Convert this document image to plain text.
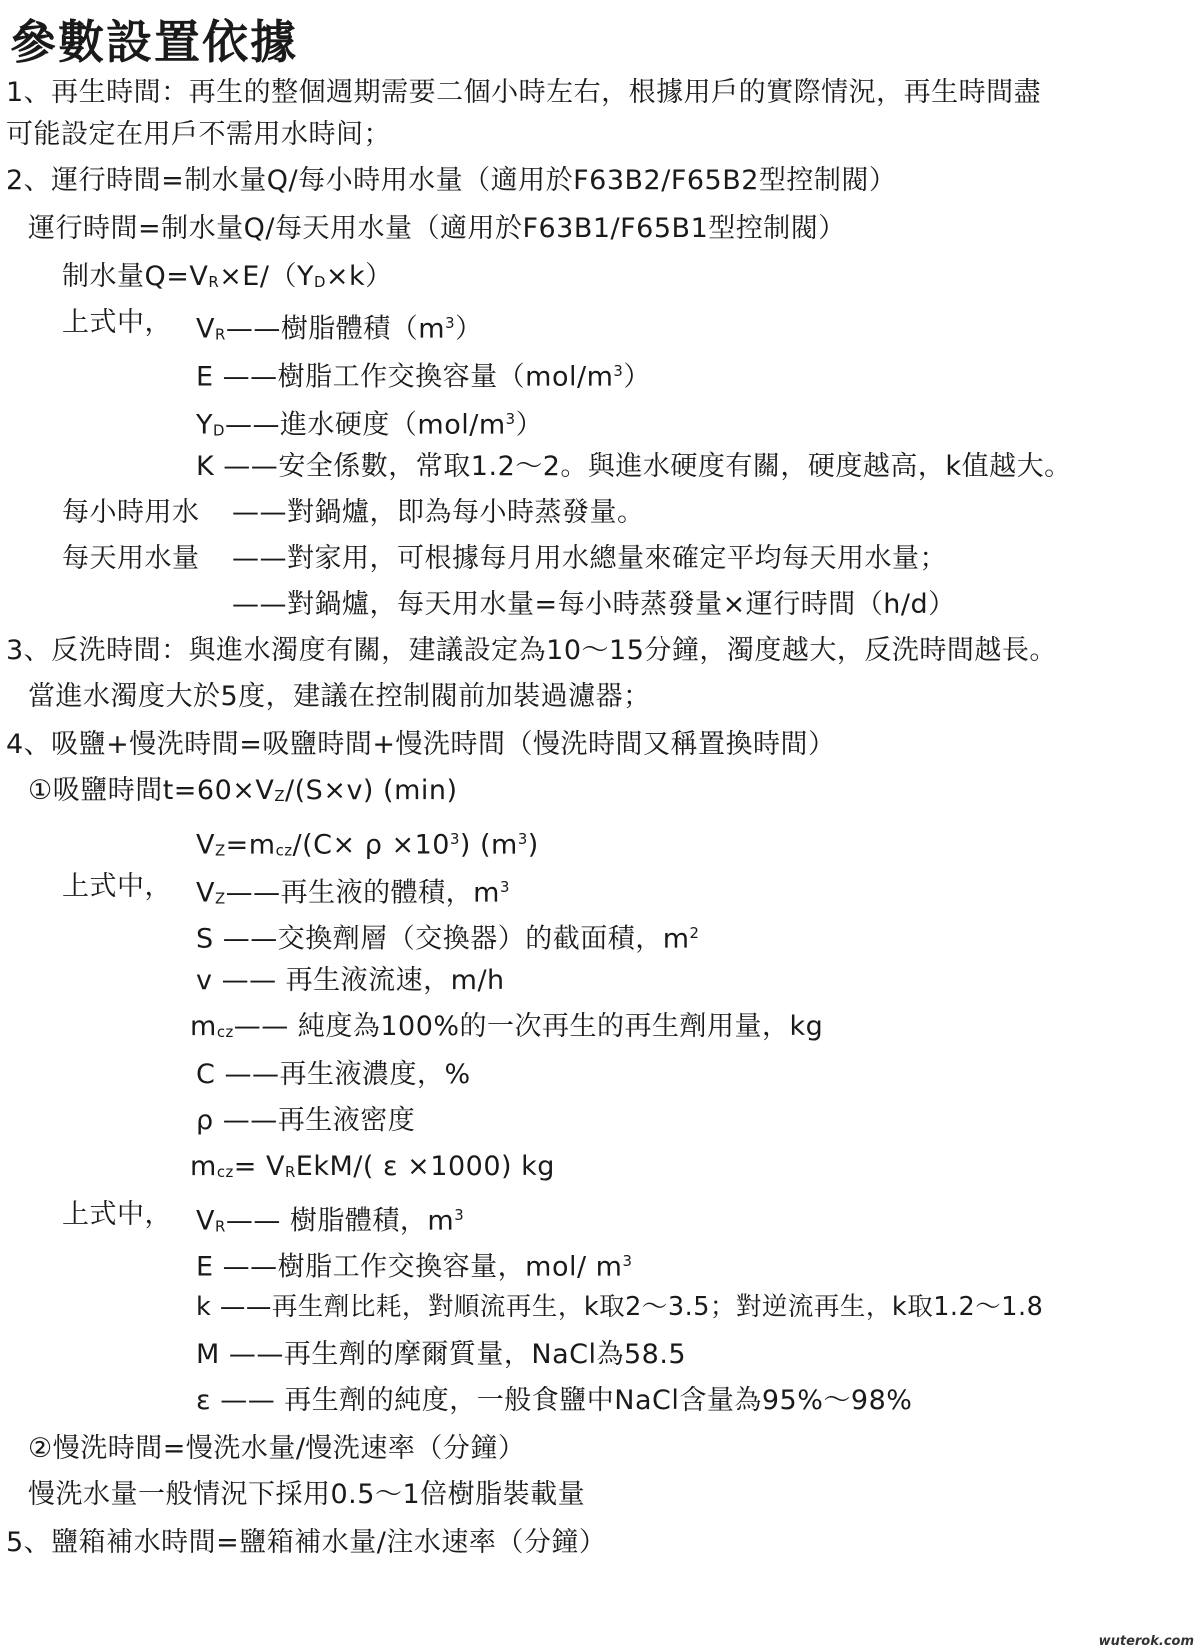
參數設置依據
1、再生時間：再生的整個週期需要二個小時左右，根據用戶的實際情況，再生時間盡
可能設定在用戶不需用水時间；
2、運行時間=制水量Q/每小時用水量（適用於F63B2/F65B2型控制閥）
運行時間=制水量Q/每天用水量（適用於F63B1/F65B1型控制閥）
制水量Q=VR×E/（YD×k）
上式中， VR——樹脂體積$(m^3)$
E ——樹脂工作交換容量$(mol/m^3)$
YD——進水硬度$(mol/m^3)$
K ——安全係數，常取1.2～2。與進水硬度有關，硬度越高，k值越大。
每小時用水 ——對鍋爐，即為每小時蒸發量。
每天用水量 ——對家用，可根據每月用水總量來確定平均每天用水量；
——對鍋爐，每天用水量=每小時蒸發量×運行時間（h/d）
3、反洗時間：與進水濁度有關，建議設定為10～15分鐘，濁度越大，反洗時間越長。
當進水濁度大於5度，建議在控制閥前加裝過濾器；
4、吸鹽+慢洗時間=吸鹽時間+慢洗時間（慢洗時間又稱置換時間）
①吸鹽時間t=60×VZ/(S×v) (min)
$VZ=mcz/(C\times \rho \times 10^3)$ $(m^3)$
上式中， VZ——再生液的體積，$m^3$
S ——交換劑層（交換器）的截面積，$m^2$
v —— 再生液流速，m/h
mcz—— 純度為100%的一次再生的再生劑用量，kg
C ——再生液濃度，%
ρ ——再生液密度
mcz= VREkM/( ε ×1000) kg
上式中， VR—— 樹脂體積，$m^3$
E ——樹脂工作交換容量，mol/ $m^3$
k ——再生劑比耗，對順流再生，k取2～3.5；對逆流再生，k取1.2～1.8
M ——再生劑的摩爾質量，NaCl為58.5
ε —— 再生劑的純度，一般食鹽中NaCl含量為95%～98%
②慢洗時間=慢洗水量/慢洗速率（分鐘）
慢洗水量一般情況下採用0.5～1倍樹脂裝載量
5、鹽箱補水時間=鹽箱補水量/注水速率（分鐘）
wuterok.com
